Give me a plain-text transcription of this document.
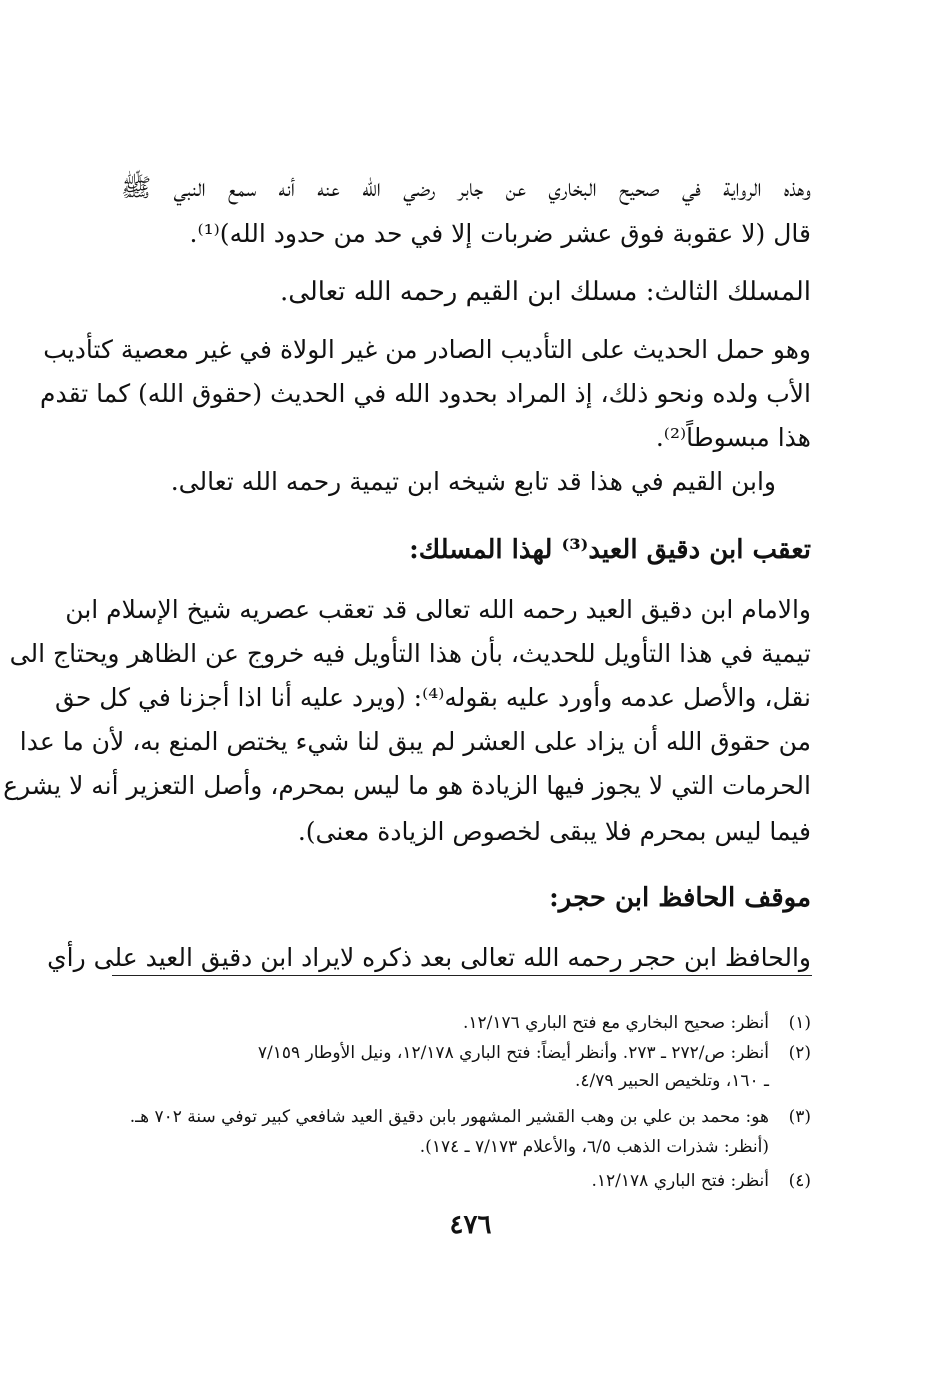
وهذه الرواية في صحيح البخاري عن جابر رضي الله عنه أنه سمع النبي ﷺ
قال (لا عقوبة فوق عشر ضربات إلا في حد من حدود الله)⁽¹⁾.
المسلك الثالث: مسلك ابن القيم رحمه الله تعالى.
وهو حمل الحديث على التأديب الصادر من غير الولاة في غير معصية كتأديب
الأب ولده ونحو ذلك، إذ المراد بحدود الله في الحديث (حقوق الله) كما تقدم
هذا مبسوطاً⁽²⁾.
وابن القيم في هذا قد تابع شيخه ابن تيمية رحمه الله تعالى.
تعقب ابن دقيق العيد⁽³⁾ لهذا المسلك:
والامام ابن دقيق العيد رحمه الله تعالى قد تعقب عصريه شيخ الإسلام ابن
تيمية في هذا التأويل للحديث، بأن هذا التأويل فيه خروج عن الظاهر ويحتاج الى
نقل، والأصل عدمه وأورد عليه بقوله⁽⁴⁾: (ويرد عليه أنا اذا أجزنا في كل حق
من حقوق الله أن يزاد على العشر لم يبق لنا شيء يختص المنع به، لأن ما عدا
الحرمات التي لا يجوز فيها الزيادة هو ما ليس بمحرم، وأصل التعزير أنه لا يشرع
فيما ليس بمحرم فلا يبقى لخصوص الزيادة معنى).
موقف الحافظ ابن حجر:
والحافظ ابن حجر رحمه الله تعالى بعد ذكره لايراد ابن دقيق العيد على رأي
(١)
أنظر: صحيح البخاري مع فتح الباري ١٢/١٧٦.
(٢)
أنظر: ص/٢٧٢ ـ ٢٧٣. وأنظر أيضاً: فتح الباري ١٢/١٧٨، ونيل الأوطار ٧/١٥٩
ـ ١٦٠، وتلخيص الحبير ٤/٧٩.
(٣)
هو: محمد بن علي بن وهب القشير المشهور بابن دقيق العيد شافعي كبير توفي سنة ٧٠٢ هـ.
(أنظر: شذرات الذهب ٦/٥، والأعلام ٧/١٧٣ ـ ١٧٤).
(٤)
أنظر: فتح الباري ١٢/١٧٨.
٤٧٦
